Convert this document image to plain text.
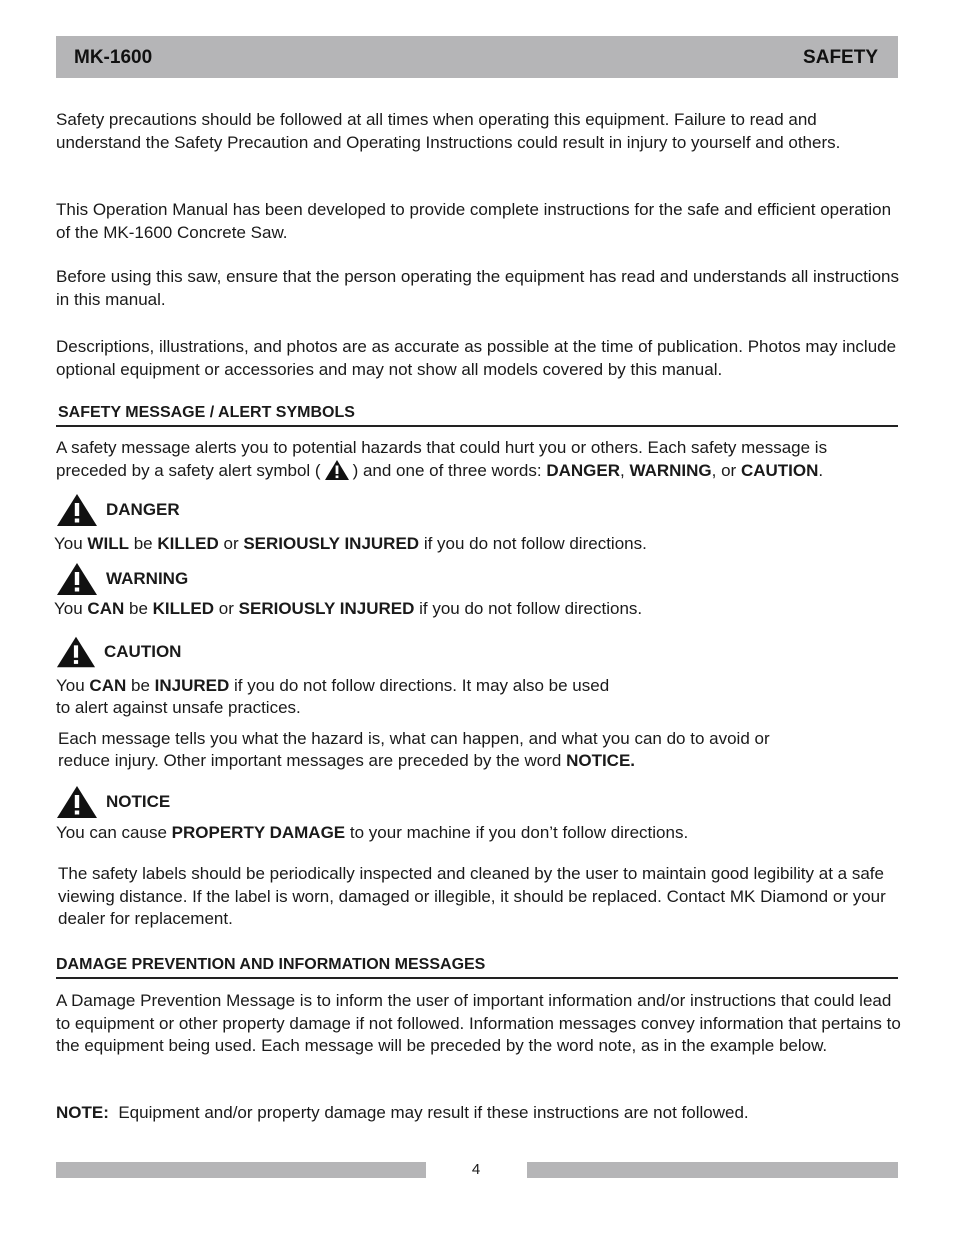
MK-1600	SAFETY

Safety precautions should be followed at all times when operating this equipment. Failure to read and understand the Safety Precaution and Operating Instructions could result in injury to yourself and others.

This Operation Manual has been developed to provide complete instructions for the safe and efficient operation of the MK-1600 Concrete Saw.

Before using this saw, ensure that the person operating the equipment has read and understands all instructions in this manual.

Descriptions, illustrations, and photos are as accurate as possible at the time of publication. Photos may include optional equipment or accessories and may not show all models covered by this manual.

SAFETY MESSAGE / ALERT SYMBOLS
A safety message alerts you to potential hazards that could hurt you or others. Each safety message is
preceded by a safety alert symbol ( ) and one of three words: DANGER, WARNING, or CAUTION.
DANGER
You WILL be KILLED or SERIOUSLY INJURED if you do not follow directions.
WARNING
You CAN be KILLED or SERIOUSLY INJURED if you do not follow directions.
CAUTION
You CAN be INJURED if you do not follow directions. It may also be used
to alert against unsafe practices.
Each message tells you what the hazard is, what can happen, and what you can do to avoid or
reduce injury. Other important messages are preceded by the word NOTICE.
NOTICE
You can cause PROPERTY DAMAGE to your machine if you don’t follow directions.

The safety labels should be periodically inspected and cleaned by the user to maintain good legibility at a safe viewing distance. If the label is worn, damaged or illegible, it should be replaced. Contact MK Diamond or your dealer for replacement.

DAMAGE PREVENTION AND INFORMATION MESSAGES

A Damage Prevention Message is to inform the user of important information and/or instructions that could lead to equipment or other property damage if not followed. Information messages convey information that pertains to the equipment being used. Each message will be preceded by the word note, as in the example below.

NOTE: Equipment and/or property damage may result if these instructions are not followed.
4
